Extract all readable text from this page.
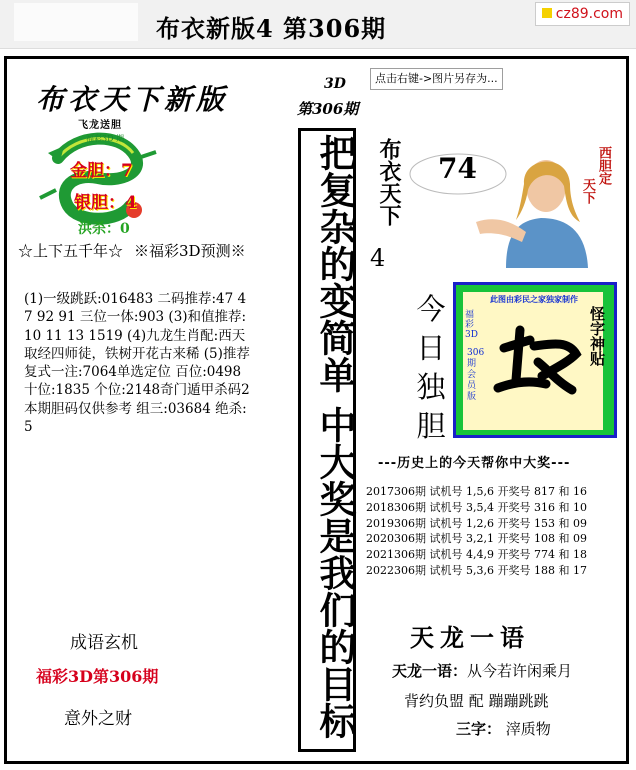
布衣新版4 第306期	cz89.com
布衣天下新版
飞龙送胆
福彩3D 期
金胆：7
银胆：4
洪杀：0
☆上下五千年☆ ※福彩3D预测※
(1)一级跳跃:016483 二码推荐:47 47 92 91 三位一体:903 (3)和值推荐:10 11 13 1519 (4)九龙生肖配:西天取经四师徒，铁树开花古来稀 (5)推荐复式一注:7064单选定位 百位:0498 十位:1835 个位:2148奇门遁甲杀码2 本期胆码仅供参考 组三:03684 绝杀:5
成语玄机
福彩3D第306期
意外之财
3D
第306期
把复杂的变简单 中大奖是我们的目标
点击右键->图片另存为...
布衣天下
4
74	西胆定
天下
今日独胆
此图由彩民之家独家制作
福彩3D
306 期会员版
怪字神贴
---历史上的今天帮你中大奖---
2017306期 试机号 1,5,6 开奖号 817 和 16
2018306期 试机号 3,5,4 开奖号 316 和 10
2019306期 试机号 1,2,6 开奖号 153 和 09
2020306期 试机号 3,2,1 开奖号 108 和 09
2021306期 试机号 4,4,9 开奖号 774 和 18
2022306期 试机号 5,3,6 开奖号 188 和 17
天龙一语
天龙一语：从今若许闲乘月
背约负盟 配 蹦蹦跳跳
三字： 滓质物
